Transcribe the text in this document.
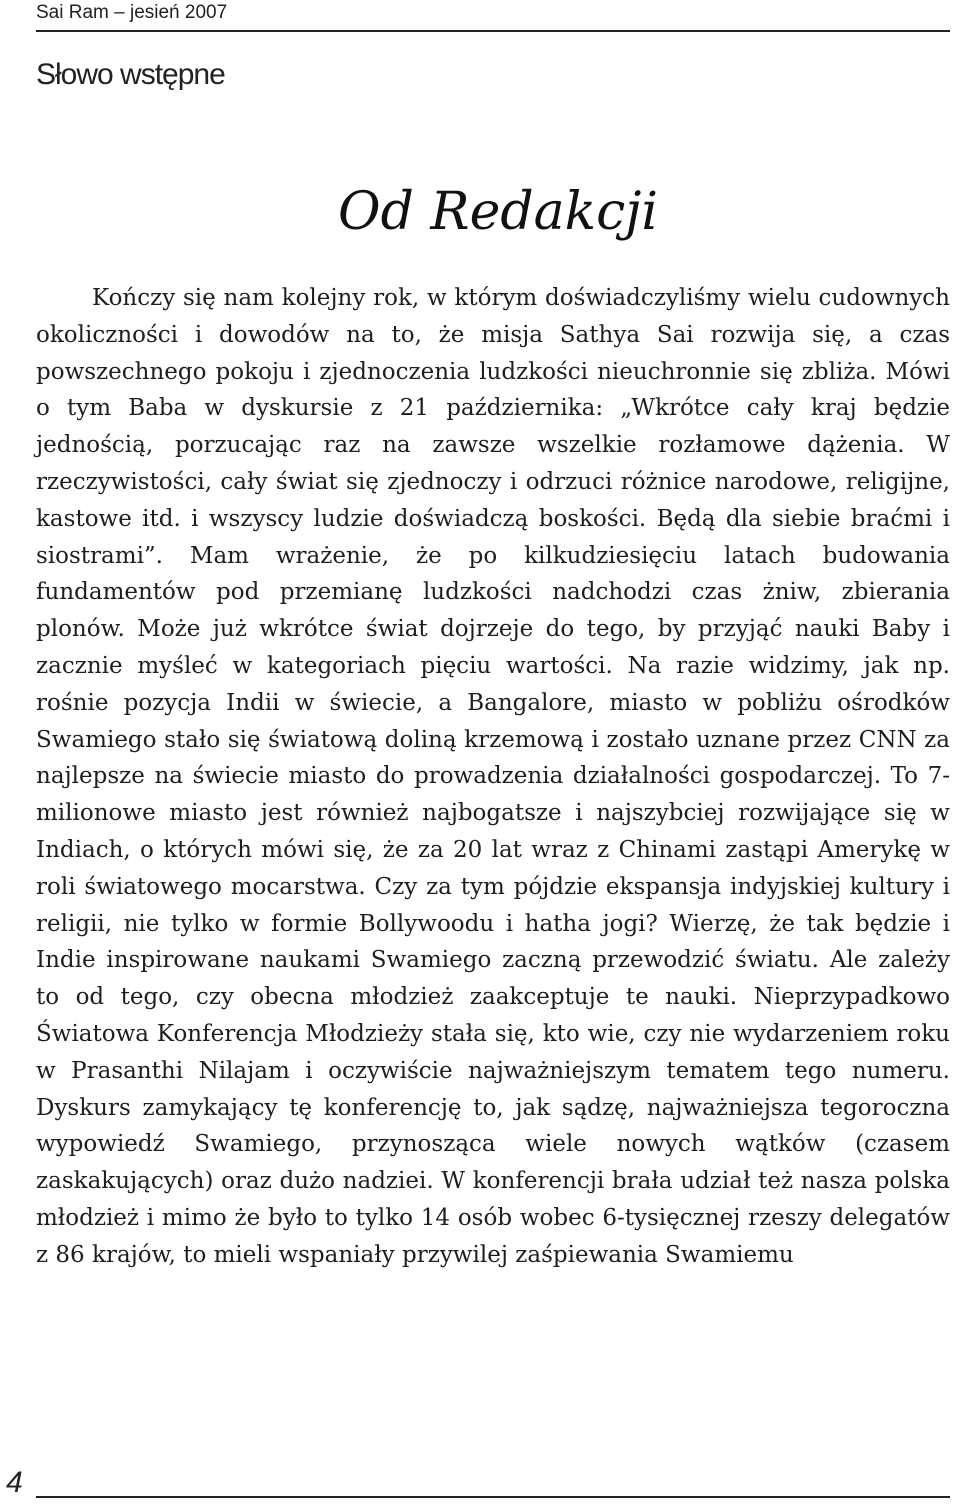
Sai Ram – jesień 2007
Słowo wstępne
Od Redakcji

Kończy się nam kolejny rok, w którym doświadczyliśmy wielu cudownych okoliczności i dowodów na to, że misja Sathya Sai rozwija się, a czas powszechnego pokoju i zjednoczenia ludzkości nieuchronnie się zbliża. Mówi o tym Baba w dyskursie z 21 października: „Wkrótce cały kraj będzie jednością, porzucając raz na zawsze wszelkie rozłamowe dążenia. W rzeczywistości, cały świat się zjednoczy i odrzuci różnice narodowe, religijne, kastowe itd. i wszyscy ludzie doświadczą boskości. Będą dla siebie braćmi i siostrami”. Mam wrażenie, że po kilkudziesięciu latach budowania fundamentów pod przemianę ludzkości nadchodzi czas żniw, zbierania plonów. Może już wkrótce świat dojrzeje do tego, by przyjąć nauki Baby i zacznie myśleć w kategoriach pięciu wartości. Na razie widzimy, jak np. rośnie pozycja Indii w świecie, a Bangalore, miasto w pobliżu ośrodków Swamiego stało się światową doliną krzemową i zostało uznane przez CNN za najlepsze na świecie miasto do prowadzenia działalności gospodarczej. To 7-milionowe miasto jest również najbogatsze i najszybciej rozwijające się w Indiach, o których mówi się, że za 20 lat wraz z Chinami zastąpi Amerykę w roli światowego mocarstwa. Czy za tym pójdzie ekspansja indyjskiej kultury i religii, nie tylko w formie Bollywoodu i hatha jogi? Wierzę, że tak będzie i Indie inspirowane naukami Swamiego zaczną przewodzić światu. Ale zależy to od tego, czy obecna młodzież zaakceptuje te nauki. Nieprzypadkowo Światowa Konferencja Młodzieży stała się, kto wie, czy nie wydarzeniem roku w Prasanthi Nilajam i oczywiście najważniejszym tematem tego numeru. Dyskurs zamykający tę konferencję to, jak sądzę, najważniejsza tegoroczna wypowiedź Swamiego, przynosząca wiele nowych wątków (czasem zaskakujących) oraz dużo nadziei. W konferencji brała udział też nasza polska młodzież i mimo że było to tylko 14 osób wobec 6-tysięcznej rzeszy delegatów z 86 krajów, to mieli wspaniały przywilej zaśpiewania Swamiemu

4
